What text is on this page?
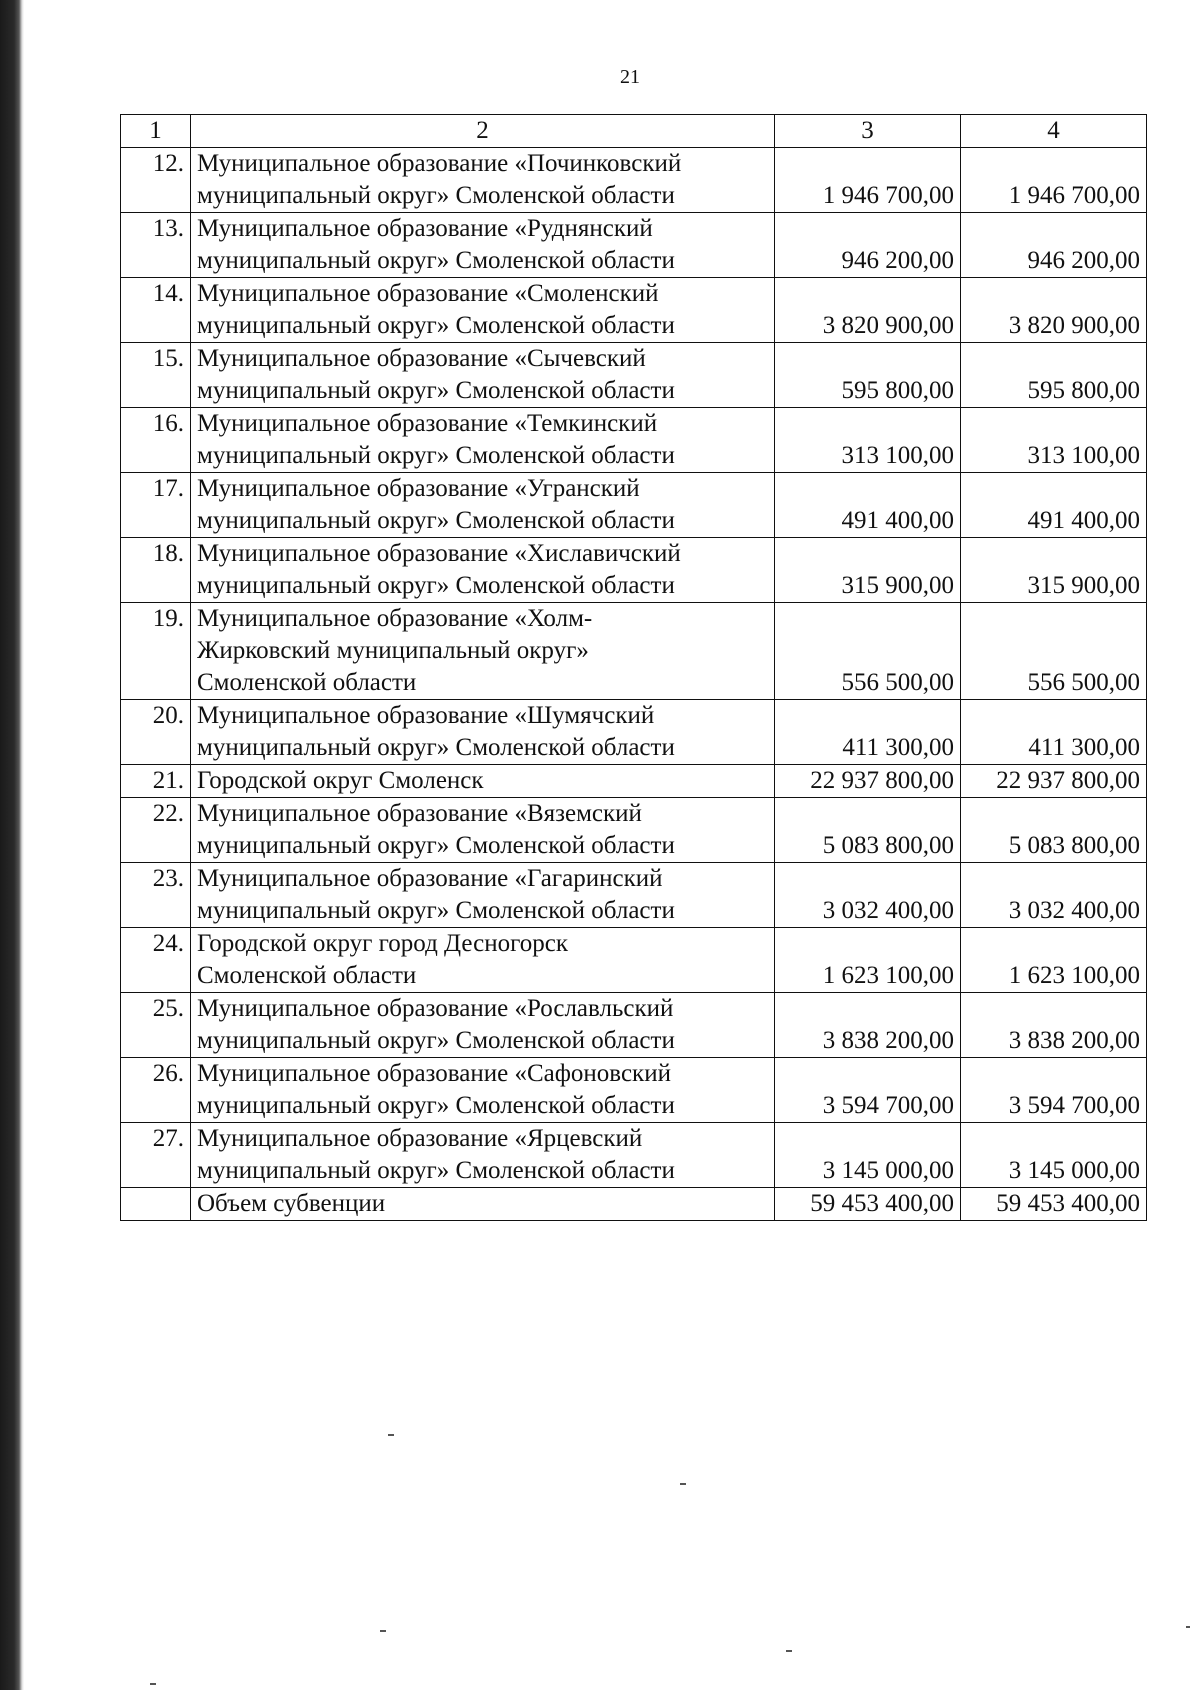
21
1	2	3	4
12.	Муниципальное образование «Починковский
муниципальный округ» Смоленской области	1 946 700,00	1 946 700,00
13.	Муниципальное образование «Руднянский
муниципальный округ» Смоленской области	946 200,00	946 200,00
14.	Муниципальное образование «Смоленский
муниципальный округ» Смоленской области	3 820 900,00	3 820 900,00
15.	Муниципальное образование «Сычевский
муниципальный округ» Смоленской области	595 800,00	595 800,00
16.	Муниципальное образование «Темкинский
муниципальный округ» Смоленской области	313 100,00	313 100,00
17.	Муниципальное образование «Угранский
муниципальный округ» Смоленской области	491 400,00	491 400,00
18.	Муниципальное образование «Хиславичский
муниципальный округ» Смоленской области	315 900,00	315 900,00
19.	Муниципальное образование «Холм-
Жирковский муниципальный округ»
Смоленской области	556 500,00	556 500,00
20.	Муниципальное образование «Шумячский
муниципальный округ» Смоленской области	411 300,00	411 300,00
21.	Городской округ Смоленск	22 937 800,00	22 937 800,00
22.	Муниципальное образование «Вяземский
муниципальный округ» Смоленской области	5 083 800,00	5 083 800,00
23.	Муниципальное образование «Гагаринский
муниципальный округ» Смоленской области	3 032 400,00	3 032 400,00
24.	Городской округ город Десногорск
Смоленской области	1 623 100,00	1 623 100,00
25.	Муниципальное образование «Рославльский
муниципальный округ» Смоленской области	3 838 200,00	3 838 200,00
26.	Муниципальное образование «Сафоновский
муниципальный округ» Смоленской области	3 594 700,00	3 594 700,00
27.	Муниципальное образование «Ярцевский
муниципальный округ» Смоленской области	3 145 000,00	3 145 000,00
	Объем субвенции	59 453 400,00	59 453 400,00
